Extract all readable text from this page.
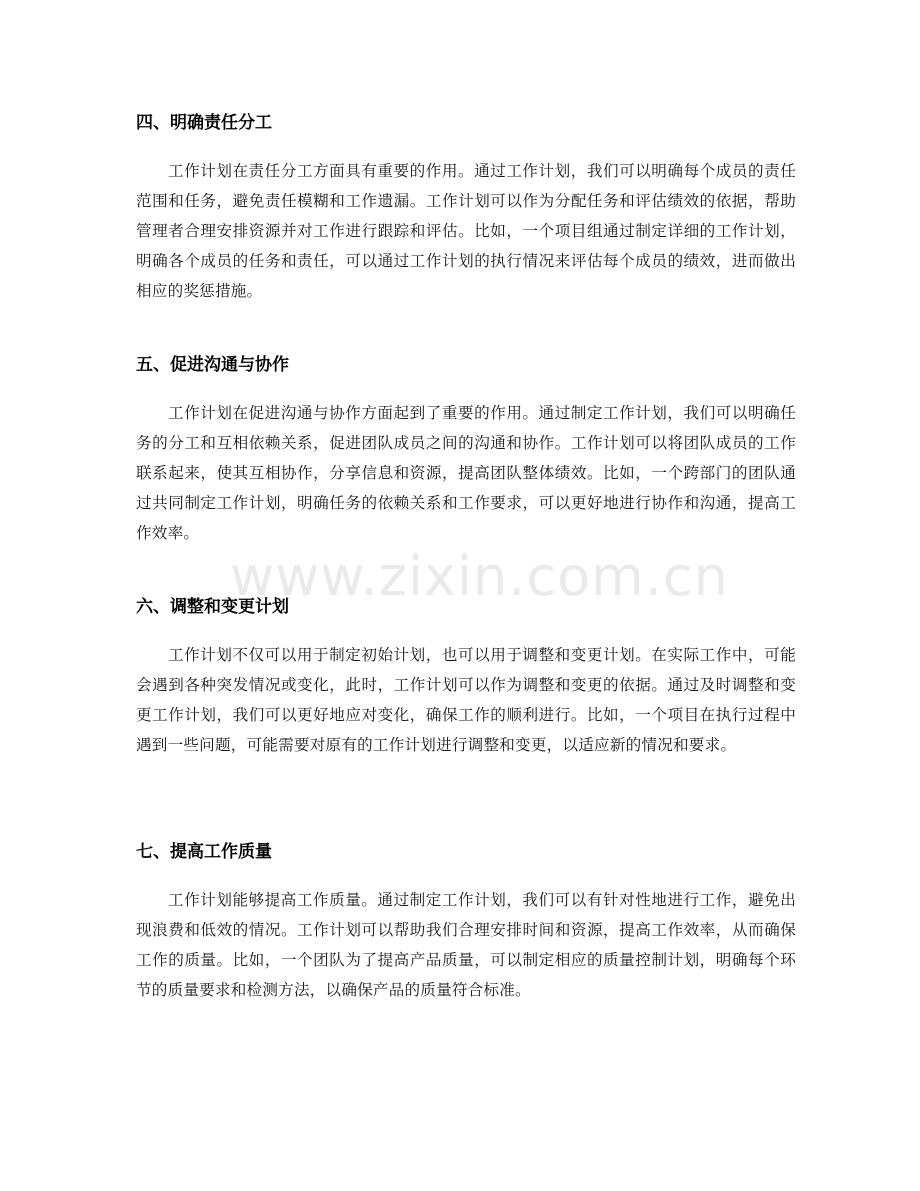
四、明确责任分工

工作计划在责任分工方面具有重要的作用。通过工作计划，我们可以明确每个成员的责任范围和任务，避免责任模糊和工作遗漏。工作计划可以作为分配任务和评估绩效的依据，帮助管理者合理安排资源并对工作进行跟踪和评估。比如，一个项目组通过制定详细的工作计划，明确各个成员的任务和责任，可以通过工作计划的执行情况来评估每个成员的绩效，进而做出相应的奖惩措施。

五、促进沟通与协作

工作计划在促进沟通与协作方面起到了重要的作用。通过制定工作计划，我们可以明确任务的分工和互相依赖关系，促进团队成员之间的沟通和协作。工作计划可以将团队成员的工作联系起来，使其互相协作，分享信息和资源，提高团队整体绩效。比如，一个跨部门的团队通过共同制定工作计划，明确任务的依赖关系和工作要求，可以更好地进行协作和沟通，提高工作效率。

六、调整和变更计划

工作计划不仅可以用于制定初始计划，也可以用于调整和变更计划。在实际工作中，可能会遇到各种突发情况或变化，此时，工作计划可以作为调整和变更的依据。通过及时调整和变更工作计划，我们可以更好地应对变化，确保工作的顺利进行。比如，一个项目在执行过程中遇到一些问题，可能需要对原有的工作计划进行调整和变更，以适应新的情况和要求。

七、提高工作质量

工作计划能够提高工作质量。通过制定工作计划，我们可以有针对性地进行工作，避免出现浪费和低效的情况。工作计划可以帮助我们合理安排时间和资源，提高工作效率，从而确保工作的质量。比如，一个团队为了提高产品质量，可以制定相应的质量控制计划，明确每个环节的质量要求和检测方法，以确保产品的质量符合标准。

www.zixin.com.cn
